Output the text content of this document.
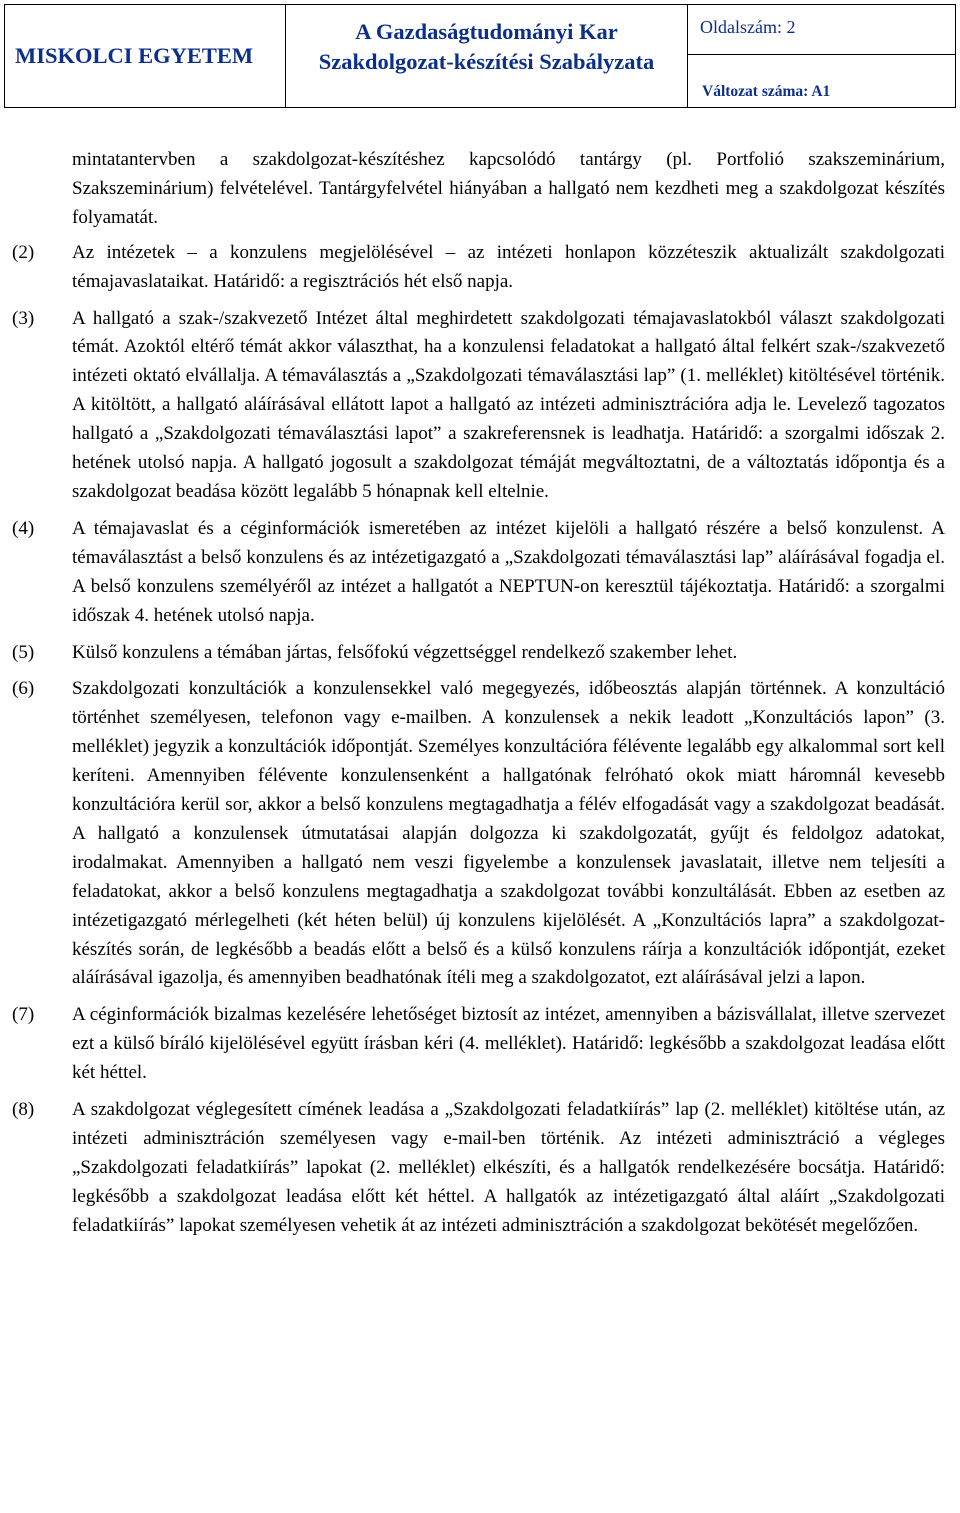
MISKOLCI EGYETEM
A Gazdaságtudományi Kar
Szakdolgozat-készítési Szabályzata
Oldalszám: 2
Változat száma: A1
mintatantervben a szakdolgozat-készítéshez kapcsolódó tantárgy (pl. Portfolió szakszeminárium, Szakszeminárium) felvételével. Tantárgyfelvétel hiányában a hallgató nem kezdheti meg a szakdolgozat készítés folyamatát.
(2) Az intézetek – a konzulens megjelölésével – az intézeti honlapon közzéteszik aktualizált szakdolgozati témajavaslataikat. Határidő: a regisztrációs hét első napja.
(3) A hallgató a szak-/szakvezető Intézet által meghirdetett szakdolgozati témajavaslatokból választ szakdolgozati témát. Azoktól eltérő témát akkor választhat, ha a konzulensi feladatokat a hallgató által felkért szak-/szakvezető intézeti oktató elvállalja. A témaválasztás a „Szakdolgozati témaválasztási lap” (1. melléklet) kitöltésével történik. A kitöltött, a hallgató aláírásával ellátott lapot a hallgató az intézeti adminisztrációra adja le. Levelező tagozatos hallgató a „Szakdolgozati témaválasztási lapot” a szakreferensnek is leadhatja. Határidő: a szorgalmi időszak 2. hetének utolsó napja. A hallgató jogosult a szakdolgozat témáját megváltoztatni, de a változtatás időpontja és a szakdolgozat beadása között legalább 5 hónapnak kell eltelnie.
(4) A témajavaslat és a céginformációk ismeretében az intézet kijelöli a hallgató részére a belső konzulenst. A témaválasztást a belső konzulens és az intézetigazgató a „Szakdolgozati témaválasztási lap” aláírásával fogadja el. A belső konzulens személyéről az intézet a hallgatót a NEPTUN-on keresztül tájékoztatja. Határidő: a szorgalmi időszak 4. hetének utolsó napja.
(5) Külső konzulens a témában jártas, felsőfokú végzettséggel rendelkező szakember lehet.
(6) Szakdolgozati konzultációk a konzulensekkel való megegyezés, időbeosztás alapján történnek. A konzultáció történhet személyesen, telefonon vagy e-mailben. A konzulensek a nekik leadott „Konzultációs lapon” (3. melléklet) jegyzik a konzultációk időpontját. Személyes konzultációra félévente legalább egy alkalommal sort kell keríteni. Amennyiben félévente konzulensenként a hallgatónak felróható okok miatt háromnál kevesebb konzultációra kerül sor, akkor a belső konzulens megtagadhatja a félév elfogadását vagy a szakdolgozat beadását. A hallgató a konzulensek útmutatásai alapján dolgozza ki szakdolgozatát, gyűjt és feldolgoz adatokat, irodalmakat. Amennyiben a hallgató nem veszi figyelembe a konzulensek javaslatait, illetve nem teljesíti a feladatokat, akkor a belső konzulens megtagadhatja a szakdolgozat további konzultálását. Ebben az esetben az intézetigazgató mérlegelheti (két héten belül) új konzulens kijelölését. A „Konzultációs lapra” a szakdolgozat-készítés során, de legkésőbb a beadás előtt a belső és a külső konzulens ráírja a konzultációk időpontját, ezeket aláírásával igazolja, és amennyiben beadhatónak ítéli meg a szakdolgozatot, ezt aláírásával jelzi a lapon.
(7) A céginformációk bizalmas kezelésére lehetőséget biztosít az intézet, amennyiben a bázisvállalat, illetve szervezet ezt a külső bíráló kijelölésével együtt írásban kéri (4. melléklet). Határidő: legkésőbb a szakdolgozat leadása előtt két héttel.
(8) A szakdolgozat véglegesített címének leadása a „Szakdolgozati feladatkiírás” lap (2. melléklet) kitöltése után, az intézeti adminisztráción személyesen vagy e-mail-ben történik. Az intézeti adminisztráció a végleges „Szakdolgozati feladatkiírás” lapokat (2. melléklet) elkészíti, és a hallgatók rendelkezésére bocsátja. Határidő: legkésőbb a szakdolgozat leadása előtt két héttel. A hallgatók az intézetigazgató által aláírt „Szakdolgozati feladatkiírás” lapokat személyesen vehetik át az intézeti adminisztráción a szakdolgozat bekötését megelőzően.
